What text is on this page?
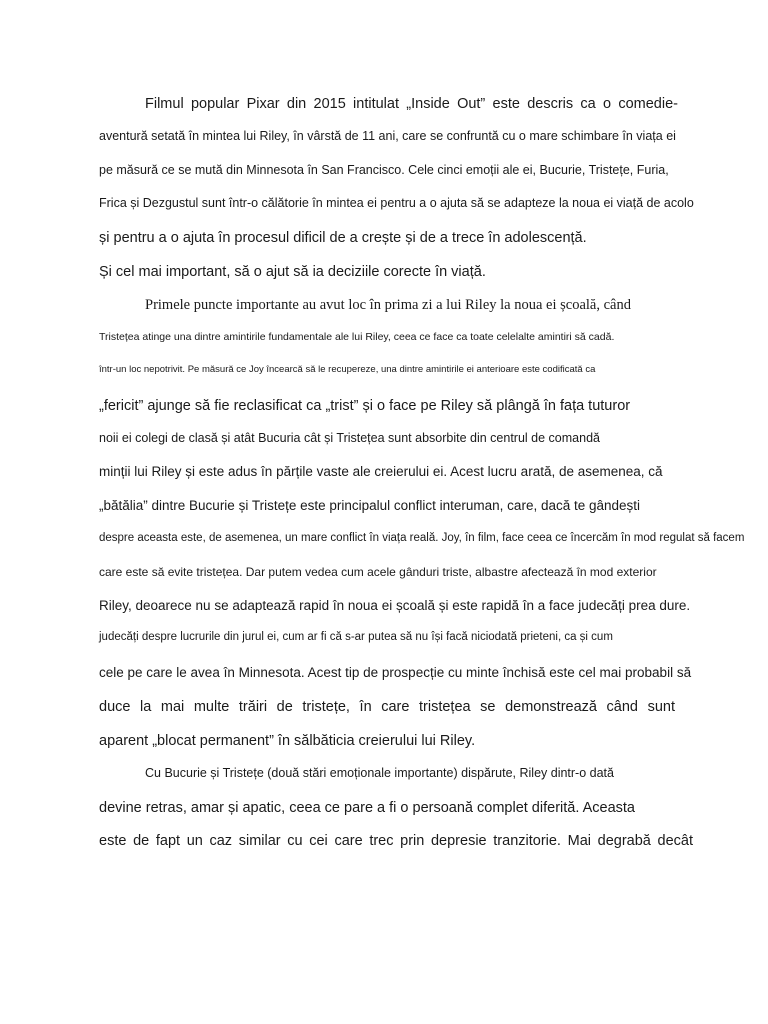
Filmul popular Pixar din 2015 intitulat „Inside Out” este descris ca o comedie-
aventură setată în mintea lui Riley, în vârstă de 11 ani, care se confruntă cu o mare schimbare în viața ei
pe măsură ce se mută din Minnesota în San Francisco. Cele cinci emoții ale ei, Bucurie, Tristețe, Furia,
Frica și Dezgustul sunt într-o călătorie în mintea ei pentru a o ajuta să se adapteze la noua ei viață de acolo
și pentru a o ajuta în procesul dificil de a crește și de a trece în adolescență.
Și cel mai important, să o ajut să ia deciziile corecte în viață.
Primele puncte importante au avut loc în prima zi a lui Riley la noua ei școală, când
Tristețea atinge una dintre amintirile fundamentale ale lui Riley, ceea ce face ca toate celelalte amintiri să cadă.
într-un loc nepotrivit. Pe măsură ce Joy încearcă să le recupereze, una dintre amintirile ei anterioare este codificată ca
„fericit” ajunge să fie reclasificat ca „trist” și o face pe Riley să plângă în fața tuturor
noii ei colegi de clasă și atât Bucuria cât și Tristețea sunt absorbite din centrul de comandă
minții lui Riley și este adus în părțile vaste ale creierului ei. Acest lucru arată, de asemenea, că
„bătălia” dintre Bucurie și Tristețe este principalul conflict interuman, care, dacă te gândești
despre aceasta este, de asemenea, un mare conflict în viața reală. Joy, în film, face ceea ce încercăm în mod regulat să facem
care este să evite tristețea. Dar putem vedea cum acele gânduri triste, albastre afectează în mod exterior
Riley, deoarece nu se adaptează rapid în noua ei școală și este rapidă în a face judecăți prea dure.
judecăți despre lucrurile din jurul ei, cum ar fi că s-ar putea să nu își facă niciodată prieteni, ca și cum
cele pe care le avea în Minnesota. Acest tip de prospecție cu minte închisă este cel mai probabil să
duce la mai multe trăiri de tristețe, în care tristețea se demonstrează când sunt
aparent „blocat permanent” în sălbăticia creierului lui Riley.
Cu Bucurie și Tristețe (două stări emoționale importante) dispărute, Riley dintr-o dată
devine retras, amar și apatic, ceea ce pare a fi o persoană complet diferită. Aceasta
este de fapt un caz similar cu cei care trec prin depresie tranzitorie. Mai degrabă decât
